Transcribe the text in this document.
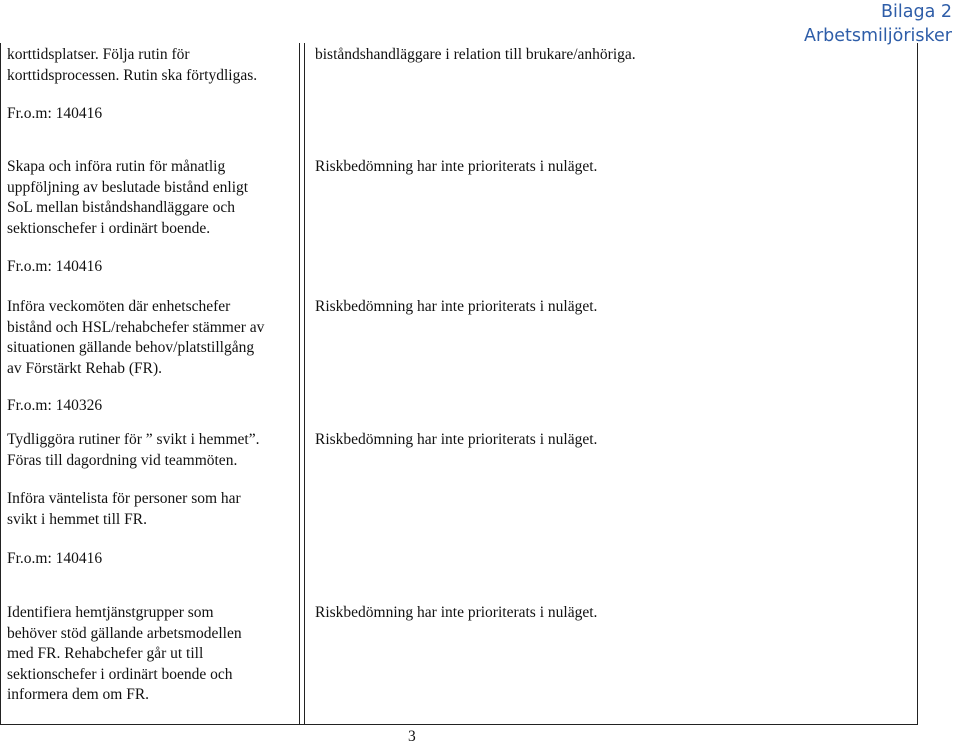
Bilaga 2
Arbetsmiljörisker

korttidsplatser. Följa rutin för

korttidsprocessen. Rutin ska förtydligas.

Fr.o.m: 140416
biståndshandläggare i relation till brukare/anhöriga.

Skapa och införa rutin för månatlig

uppföljning av beslutade bistånd enligt

SoL mellan biståndshandläggare och

sektionschefer i ordinärt boende.

Fr.o.m: 140416
Riskbedömning har inte prioriterats i nuläget.

Införa veckomöten där enhetschefer

bistånd och HSL/rehabchefer stämmer av

situationen gällande behov/platstillgång

av Förstärkt Rehab (FR).

Fr.o.m: 140326
Riskbedömning har inte prioriterats i nuläget.

Tydliggöra rutiner för ” svikt i hemmet”.

Föras till dagordning vid teammöten.

Införa väntelista för personer som har

svikt i hemmet till FR.

Fr.o.m: 140416
Riskbedömning har inte prioriterats i nuläget.

Identifiera hemtjänstgrupper som

behöver stöd gällande arbetsmodellen

med FR. Rehabchefer går ut till

sektionschefer i ordinärt boende och

informera dem om FR.

Riskbedömning har inte prioriterats i nuläget.
3
